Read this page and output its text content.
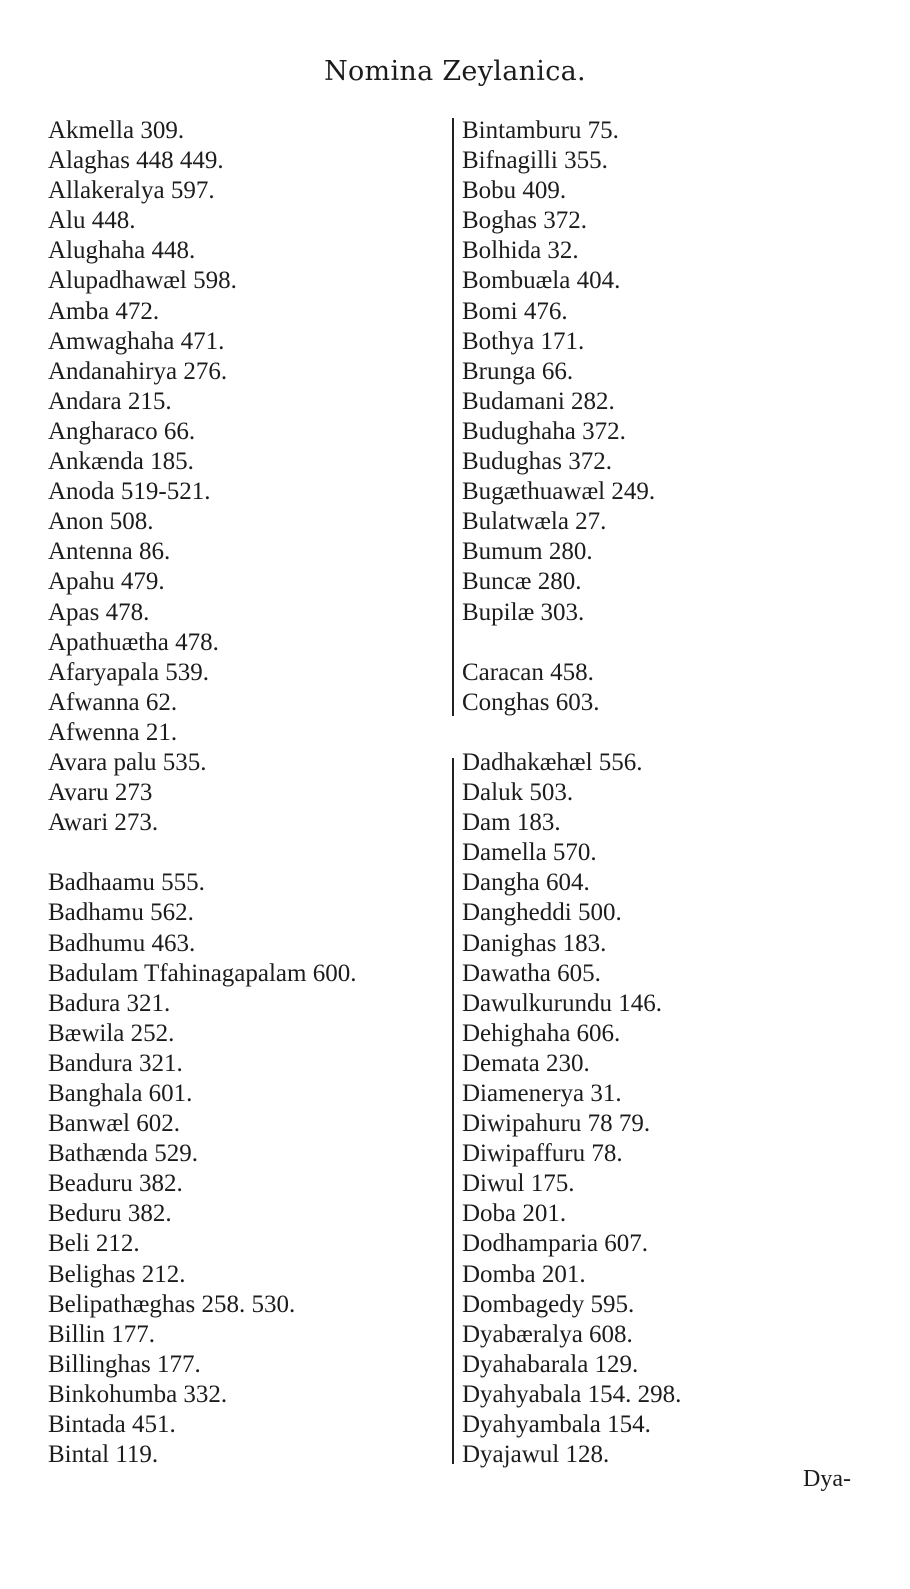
Nomina Zeylanica.
Akmella 309.
Alaghas 448 449.
Allakeralya 597.
Alu 448.
Alughaha 448.
Alupadhawæl 598.
Amba 472.
Amwaghaha 471.
Andanahirya 276.
Andara 215.
Angharaco 66.
Ankænda 185.
Anoda 519-521.
Anon 508.
Antenna 86.
Apahu 479.
Apas 478.
Apathuætha 478.
Afaryapala 539.
Afwanna 62.
Afwenna 21.
Avara palu 535.
Avaru 273
Awari 273.
Badhaamu 555.
Badhamu 562.
Badhumu 463.
Badulam Tfahinagapalam 600.
Badura 321.
Bæwila 252.
Bandura 321.
Banghala 601.
Banwæl 602.
Bathænda 529.
Beaduru 382.
Beduru 382.
Beli 212.
Belighas 212.
Belipathæghas 258. 530.
Billin 177.
Billinghas 177.
Binkohumba 332.
Bintada 451.
Bintal 119.
Bintamburu 75.
Bifnagilli 355.
Bobu 409.
Boghas 372.
Bolhida 32.
Bombuæla 404.
Bomi 476.
Bothya 171.
Brunga 66.
Budamani 282.
Budughaha 372.
Budughas 372.
Bugæthuawæl 249.
Bulatwæla 27.
Bumum 280.
Buncæ 280.
Bupilæ 303.
Caracan 458.
Conghas 603.
Dadhakæhæl 556.
Daluk 503.
Dam 183.
Damella 570.
Dangha 604.
Dangheddi 500.
Danighas 183.
Dawatha 605.
Dawulkurundu 146.
Dehighaha 606.
Demata 230.
Diamenerya 31.
Diwipahuru 78 79.
Diwipaffuru 78.
Diwul 175.
Doba 201.
Dodhamparia 607.
Domba 201.
Dombagedy 595.
Dyabæralya 608.
Dyahabarala 129.
Dyahyabala 154. 298.
Dyahyambala 154.
Dyajawul 128.
Dya-
